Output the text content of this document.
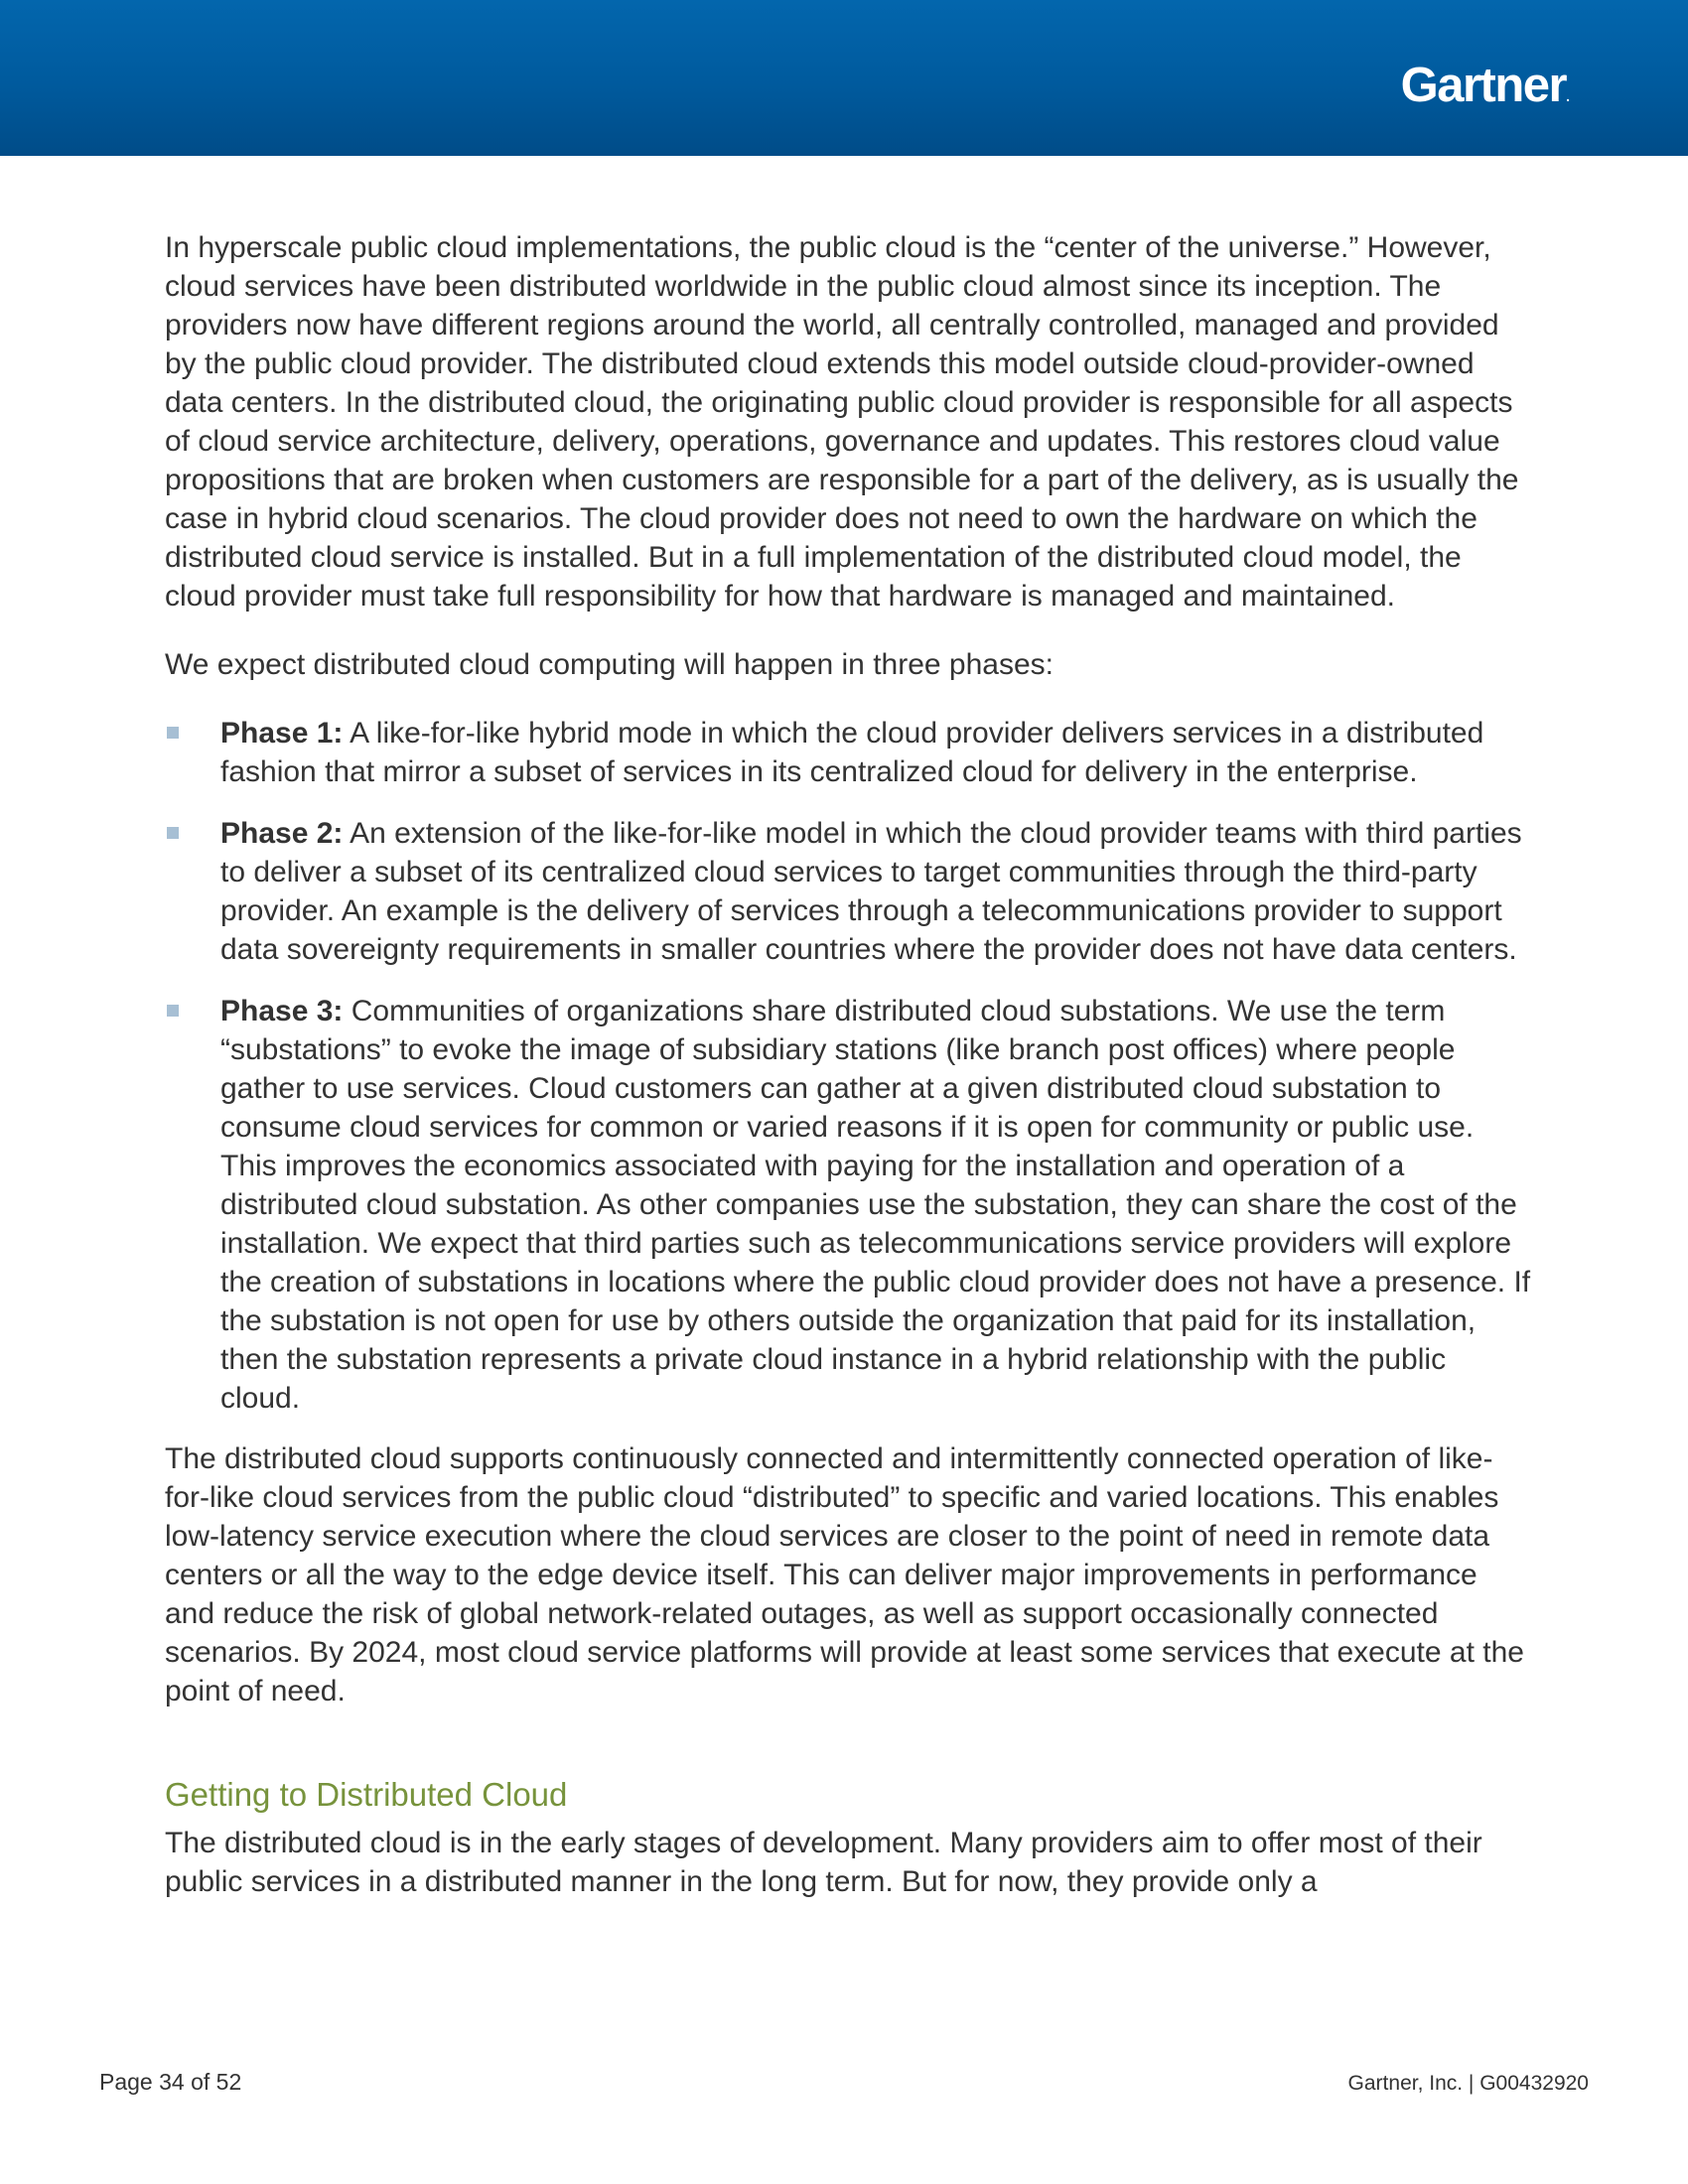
Gartner.

In hyperscale public cloud implementations, the public cloud is the “center of the universe.” However, cloud services have been distributed worldwide in the public cloud almost since its inception. The providers now have different regions around the world, all centrally controlled, managed and provided by the public cloud provider. The distributed cloud extends this model outside cloud-provider-owned data centers. In the distributed cloud, the originating public cloud provider is responsible for all aspects of cloud service architecture, delivery, operations, governance and updates. This restores cloud value propositions that are broken when customers are responsible for a part of the delivery, as is usually the case in hybrid cloud scenarios. The cloud provider does not need to own the hardware on which the distributed cloud service is installed. But in a full implementation of the distributed cloud model, the cloud provider must take full responsibility for how that hardware is managed and maintained.

We expect distributed cloud computing will happen in three phases:

Phase 1: A like-for-like hybrid mode in which the cloud provider delivers services in a distributed fashion that mirror a subset of services in its centralized cloud for delivery in the enterprise.
Phase 2: An extension of the like-for-like model in which the cloud provider teams with third parties to deliver a subset of its centralized cloud services to target communities through the third-party provider. An example is the delivery of services through a telecommunications provider to support data sovereignty requirements in smaller countries where the provider does not have data centers.
Phase 3: Communities of organizations share distributed cloud substations. We use the term “substations” to evoke the image of subsidiary stations (like branch post offices) where people gather to use services. Cloud customers can gather at a given distributed cloud substation to consume cloud services for common or varied reasons if it is open for community or public use. This improves the economics associated with paying for the installation and operation of a distributed cloud substation. As other companies use the substation, they can share the cost of the installation. We expect that third parties such as telecommunications service providers will explore the creation of substations in locations where the public cloud provider does not have a presence. If the substation is not open for use by others outside the organization that paid for its installation, then the substation represents a private cloud instance in a hybrid relationship with the public cloud.

The distributed cloud supports continuously connected and intermittently connected operation of like-for-like cloud services from the public cloud “distributed” to specific and varied locations. This enables low-latency service execution where the cloud services are closer to the point of need in remote data centers or all the way to the edge device itself. This can deliver major improvements in performance and reduce the risk of global network-related outages, as well as support occasionally connected scenarios. By 2024, most cloud service platforms will provide at least some services that execute at the point of need.

Getting to Distributed Cloud

The distributed cloud is in the early stages of development. Many providers aim to offer most of their public services in a distributed manner in the long term. But for now, they provide only a

Page 34 of 52	Gartner, Inc. | G00432920
